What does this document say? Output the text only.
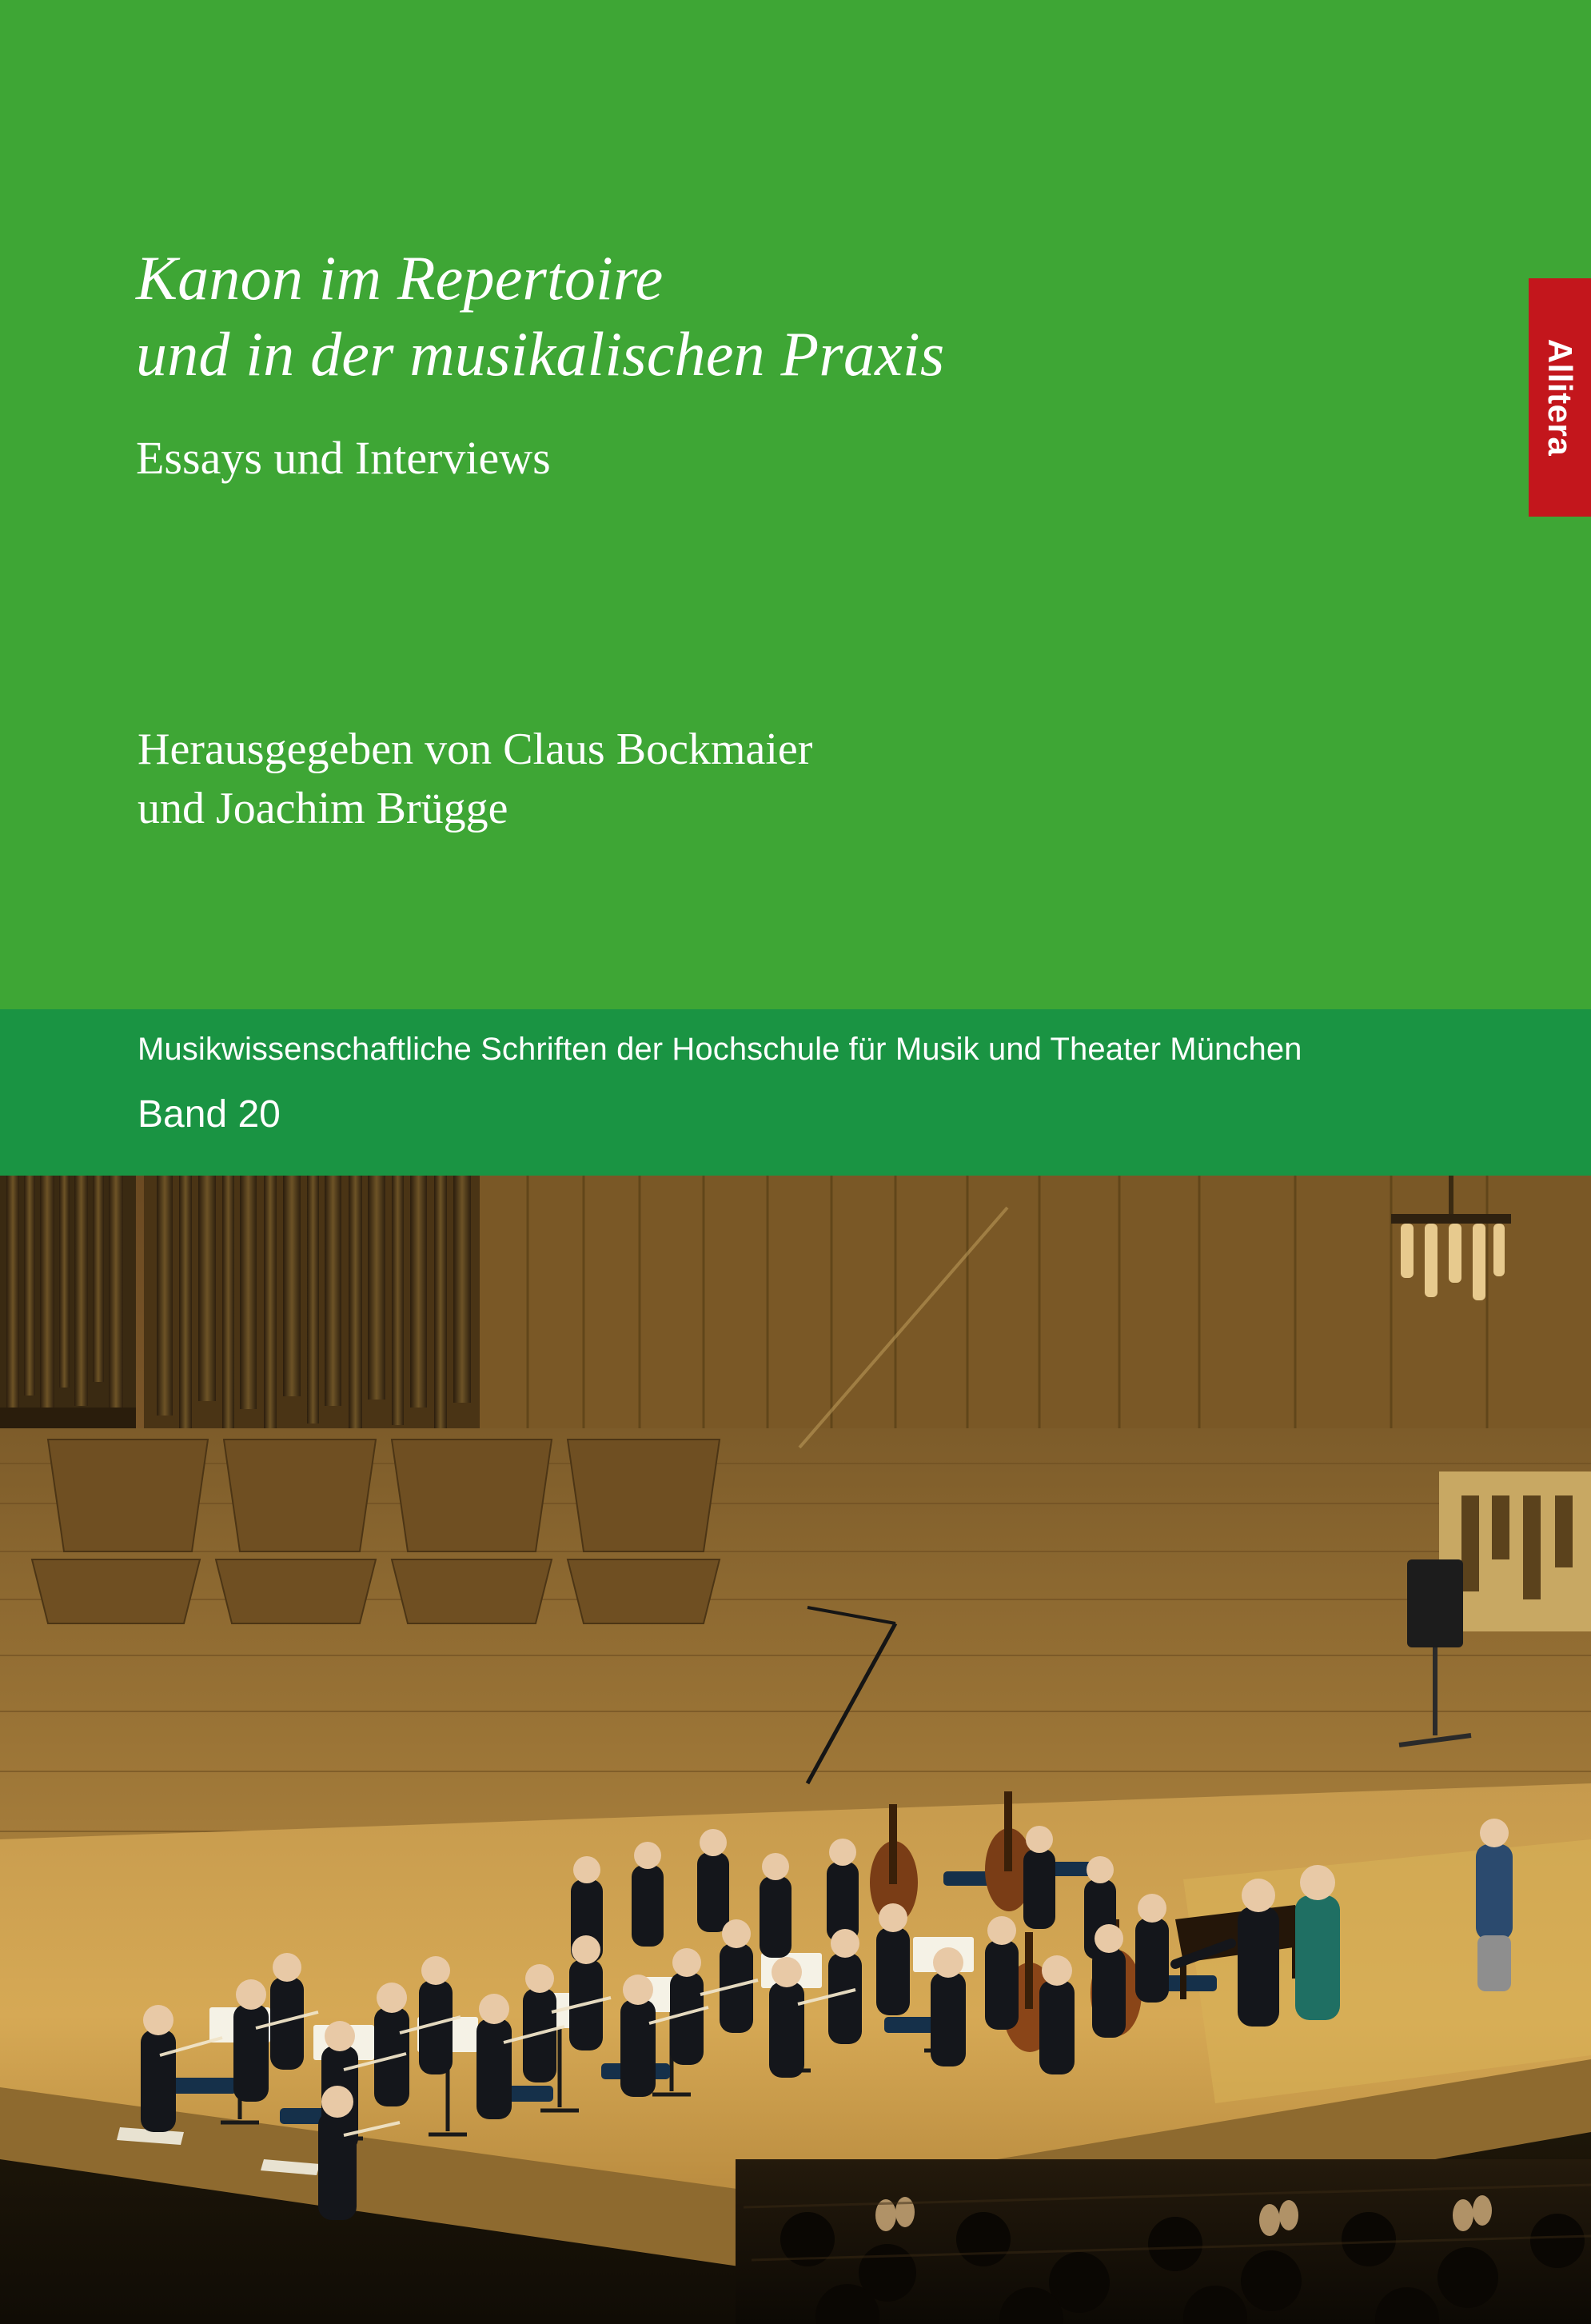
Kanon im Repertoire
und in der musikalischen Praxis
Essays und Interviews
Herausgegeben von Claus Bockmaier
und Joachim Brügge
Allitera
Musikwissenschaftliche Schriften der Hochschule für Musik und Theater München
Band 20
